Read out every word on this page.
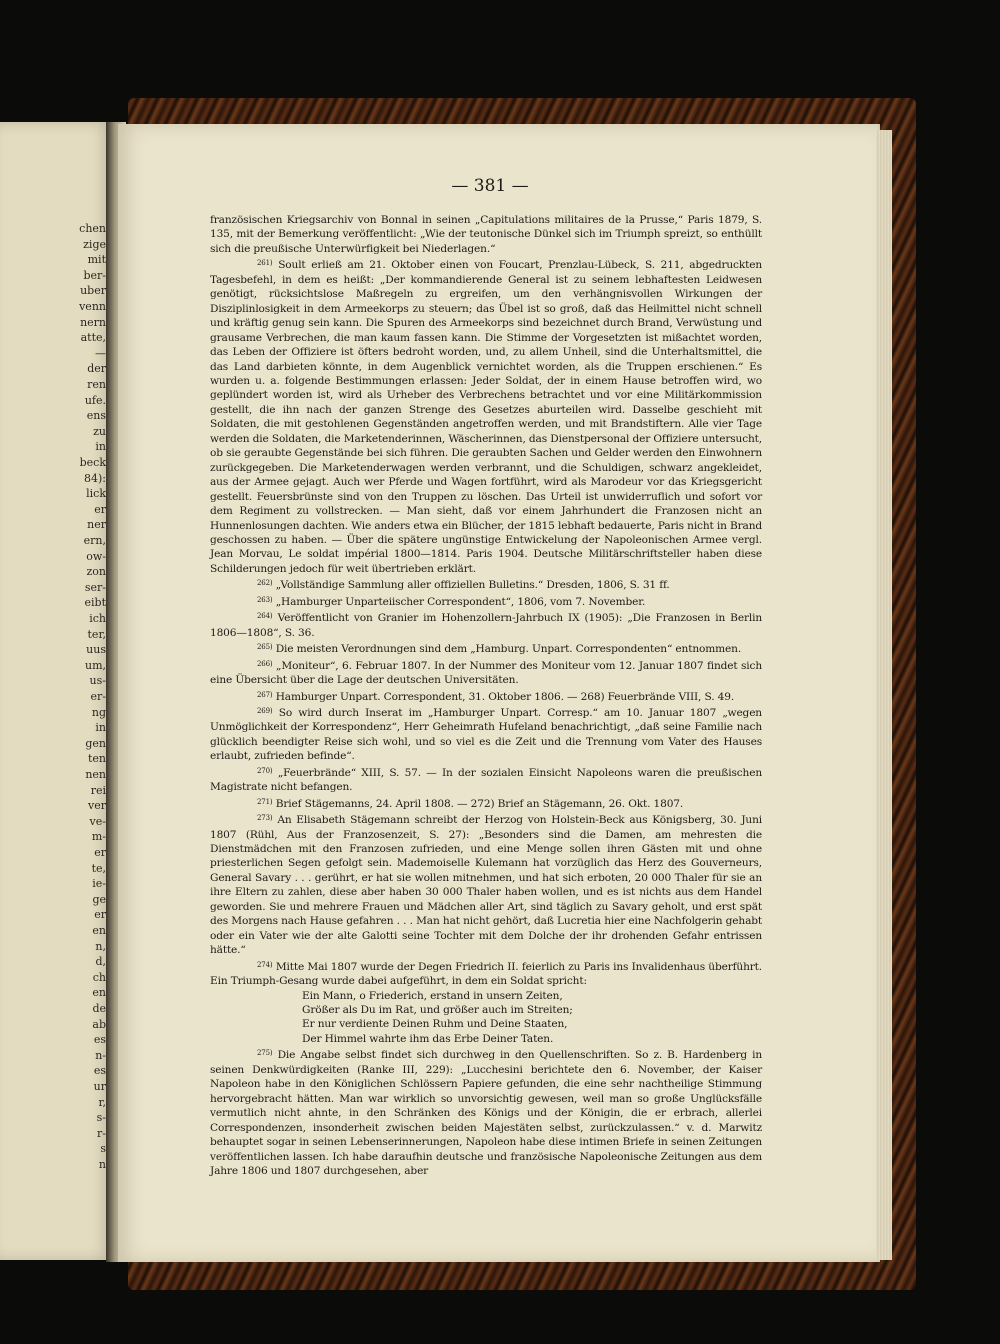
chen
zige
mit
ber-
uber
venn
nern
atte,
—
der
ren
ufe.
ens
zu
in
beck
84):
lick
er
ner
ern,
ow-
zon
ser-
eibt
ich
ter,
uus
um,
us-
er-
ng
in
gen
ten
nen
rei
ver
ve-
m-
er
te,
ie-
ge
er
en
n,
d,
ch
en
de
ab
es
n-
es
ur
r,
s-
r-
s
n
— 381 —

französischen Kriegsarchiv von Bonnal in seinen „Capitulations militaires de la Prusse,“ Paris 1879, S. 135, mit der Bemerkung veröffentlicht: „Wie der teutonische Dünkel sich im Triumph spreizt, so enthüllt sich die preußische Unterwürfigkeit bei Niederlagen.“

$^{261)}$ Soult erließ am 21. Oktober einen von Foucart, Prenzlau-Lübeck, S. 211, abgedruckten Tagesbefehl, in dem es heißt: „Der kommandierende General ist zu seinem lebhaftesten Leidwesen genötigt, rücksichtslose Maßregeln zu ergreifen, um den verhängnisvollen Wirkungen der Disziplinlosigkeit in dem Armeekorps zu steuern; das Übel ist so groß, daß das Heilmittel nicht schnell und kräftig genug sein kann. Die Spuren des Armeekorps sind bezeichnet durch Brand, Verwüstung und grausame Verbrechen, die man kaum fassen kann. Die Stimme der Vorgesetzten ist mißachtet worden, das Leben der Offiziere ist öfters bedroht worden, und, zu allem Unheil, sind die Unterhaltsmittel, die das Land darbieten könnte, in dem Augenblick vernichtet worden, als die Truppen erschienen.“ Es wurden u. a. folgende Bestimmungen erlassen: Jeder Soldat, der in einem Hause betroffen wird, wo geplündert worden ist, wird als Urheber des Verbrechens betrachtet und vor eine Militärkommission gestellt, die ihn nach der ganzen Strenge des Gesetzes aburteilen wird. Dasselbe geschieht mit Soldaten, die mit gestohlenen Gegenständen angetroffen werden, und mit Brandstiftern. Alle vier Tage werden die Soldaten, die Marketenderinnen, Wäscherinnen, das Dienstpersonal der Offiziere untersucht, ob sie geraubte Gegenstände bei sich führen. Die geraubten Sachen und Gelder werden den Einwohnern zurückgegeben. Die Marketenderwagen werden verbrannt, und die Schuldigen, schwarz angekleidet, aus der Armee gejagt. Auch wer Pferde und Wagen fortführt, wird als Marodeur vor das Kriegsgericht gestellt. Feuersbrünste sind von den Truppen zu löschen. Das Urteil ist unwiderruflich und sofort vor dem Regiment zu vollstrecken. — Man sieht, daß vor einem Jahrhundert die Franzosen nicht an Hunnenlosungen dachten. Wie anders etwa ein Blücher, der 1815 lebhaft bedauerte, Paris nicht in Brand geschossen zu haben. — Über die spätere ungünstige Entwickelung der Napoleonischen Armee vergl. Jean Morvau, Le soldat impérial 1800—1814. Paris 1904. Deutsche Militärschriftsteller haben diese Schilderungen jedoch für weit übertrieben erklärt.

$^{262)}$ „Vollständige Sammlung aller offiziellen Bulletins.“ Dresden, 1806, S. 31 ff.

$^{263)}$ „Hamburger Unparteiischer Correspondent“, 1806, vom 7. November.

$^{264)}$ Veröffentlicht von Granier im Hohenzollern-Jahrbuch IX (1905): „Die Franzosen in Berlin 1806—1808“, S. 36.

$^{265)}$ Die meisten Verordnungen sind dem „Hamburg. Unpart. Correspondenten“ entnommen.

$^{266)}$ „Moniteur“, 6. Februar 1807. In der Nummer des Moniteur vom 12. Januar 1807 findet sich eine Übersicht über die Lage der deutschen Universitäten.

$^{267)}$ Hamburger Unpart. Correspondent, 31. Oktober 1806. — 268) Feuerbrände VIII, S. 49.

$^{269)}$ So wird durch Inserat im „Hamburger Unpart. Corresp.“ am 10. Januar 1807 „wegen Unmöglichkeit der Korrespondenz“, Herr Geheimrath Hufeland benachrichtigt, „daß seine Familie nach glücklich beendigter Reise sich wohl, und so viel es die Zeit und die Trennung vom Vater des Hauses erlaubt, zufrieden befinde“.

$^{270)}$ „Feuerbrände“ XIII, S. 57. — In der sozialen Einsicht Napoleons waren die preußischen Magistrate nicht befangen.

$^{271)}$ Brief Stägemanns, 24. April 1808. — 272) Brief an Stägemann, 26. Okt. 1807.

$^{273)}$ An Elisabeth Stägemann schreibt der Herzog von Holstein-Beck aus Königsberg, 30. Juni 1807 (Rühl, Aus der Franzosenzeit, S. 27): „Besonders sind die Damen, am mehresten die Dienstmädchen mit den Franzosen zufrieden, und eine Menge sollen ihren Gästen mit und ohne priesterlichen Segen gefolgt sein. Mademoiselle Kulemann hat vorzüglich das Herz des Gouverneurs, General Savary . . . gerührt, er hat sie wollen mitnehmen, und hat sich erboten, 20 000 Thaler für sie an ihre Eltern zu zahlen, diese aber haben 30 000 Thaler haben wollen, und es ist nichts aus dem Handel geworden. Sie und mehrere Frauen und Mädchen aller Art, sind täglich zu Savary geholt, und erst spät des Morgens nach Hause gefahren . . . Man hat nicht gehört, daß Lucretia hier eine Nachfolgerin gehabt oder ein Vater wie der alte Galotti seine Tochter mit dem Dolche der ihr drohenden Gefahr entrissen hätte.“

$^{274)}$ Mitte Mai 1807 wurde der Degen Friedrich II. feierlich zu Paris ins Invalidenhaus überführt. Ein Triumph-Gesang wurde dabei aufgeführt, in dem ein Soldat spricht:

Ein Mann, o Friederich, erstand in unsern Zeiten,
Größer als Du im Rat, und größer auch im Streiten;
Er nur verdiente Deinen Ruhm und Deine Staaten,
Der Himmel wahrte ihm das Erbe Deiner Taten.

$^{275)}$ Die Angabe selbst findet sich durchweg in den Quellenschriften. So z. B. Hardenberg in seinen Denkwürdigkeiten (Ranke III, 229): „Lucchesini berichtete den 6. November, der Kaiser Napoleon habe in den Königlichen Schlössern Papiere gefunden, die eine sehr nachtheilige Stimmung hervorgebracht hätten. Man war wirklich so unvorsichtig gewesen, weil man so große Unglücksfälle vermutlich nicht ahnte, in den Schränken des Königs und der Königin, die er erbrach, allerlei Correspondenzen, insonderheit zwischen beiden Majestäten selbst, zurückzulassen.“ v. d. Marwitz behauptet sogar in seinen Lebenserinnerungen, Napoleon habe diese intimen Briefe in seinen Zeitungen veröffentlichen lassen. Ich habe daraufhin deutsche und französische Napoleonische Zeitungen aus dem Jahre 1806 und 1807 durchgesehen, aber
